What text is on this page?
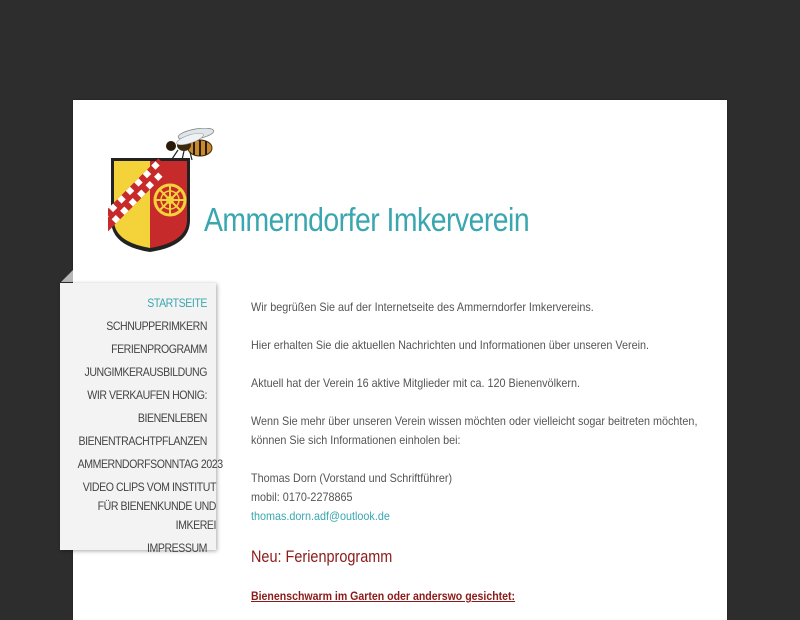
Ammerndorfer Imkerverein
STARTSEITE
SCHNUPPERIMKERN
FERIENPROGRAMM
JUNGIMKERAUSBILDUNG
WIR VERKAUFEN HONIG:
BIENENLEBEN
BIENENTRACHTPFLANZEN
AMMERNDORFSONNTAG 2023
VIDEO CLIPS VOM INSTITUT FÜR BIENENKUNDE UND IMKEREI
IMPRESSUM

Wir begrüßen Sie auf der Internetseite des Ammerndorfer Imkervereins.

Hier erhalten Sie die aktuellen Nachrichten und Informationen über unseren Verein.

Aktuell hat der Verein 16 aktive Mitglieder mit ca. 120 Bienenvölkern.

Wenn Sie mehr über unseren Verein wissen möchten oder vielleicht sogar beitreten möchten, können Sie sich Informationen einholen bei:

Thomas Dorn (Vorstand und Schriftführer)

mobil: 0170-2278865

thomas.dorn.adf@outlook.de

Neu: Ferienprogramm
Bienenschwarm im Garten oder anderswo gesichtet:
